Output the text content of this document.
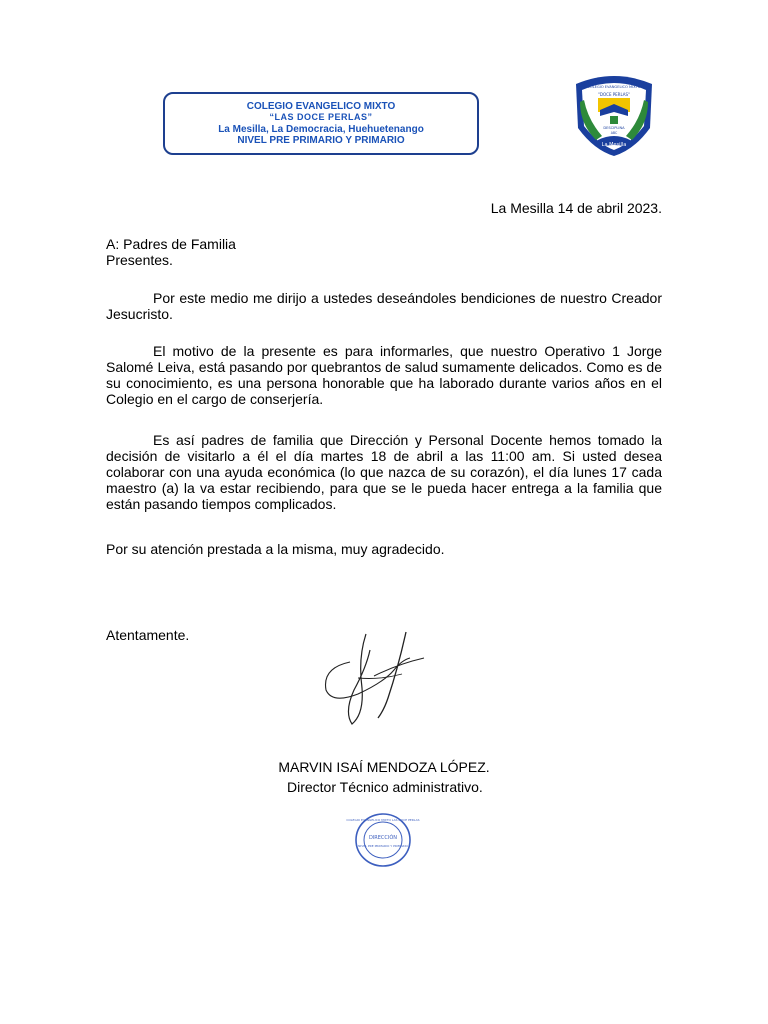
COLEGIO EVANGELICO MIXTO
“LAS DOCE PERLAS”
La Mesilla, La Democracia, Huehuetenango
NIVEL PRE PRIMARIO Y PRIMARIO
COLEGIO EVANGELICO MIXTO
"DOCE PERLAS"
DESCIPLINA
ABC
La Mesilla
La Mesilla 14 de abril 2023.
A: Padres de Familia
Presentes.
Por este medio me dirijo a ustedes deseándoles bendiciones de nuestro Creador Jesucristo.
El motivo de la presente es para informarles, que nuestro Operativo 1 Jorge Salomé Leiva, está pasando por quebrantos de salud sumamente delicados. Como es de su conocimiento, es una persona honorable que ha laborado durante varios años en el Colegio en el cargo de conserjería.
Es así padres de familia que Dirección y Personal Docente hemos tomado la decisión de visitarlo a él el día martes 18 de abril a las 11:00 am. Si usted desea colaborar con una ayuda económica (lo que nazca de su corazón), el día lunes 17 cada maestro (a) la va estar recibiendo, para que se le pueda hacer entrega a la familia que están pasando tiempos complicados.
Por su atención prestada a la misma, muy agradecido.
Atentamente.
MARVIN ISAÍ MENDOZA LÓPEZ.
Director Técnico administrativo.
COLEGIO EVANGELICO MIXTO LAS DOCE PERLAS
DIRECCIÓN
NIVEL PRE PRIMARIO Y PRIMARIO
